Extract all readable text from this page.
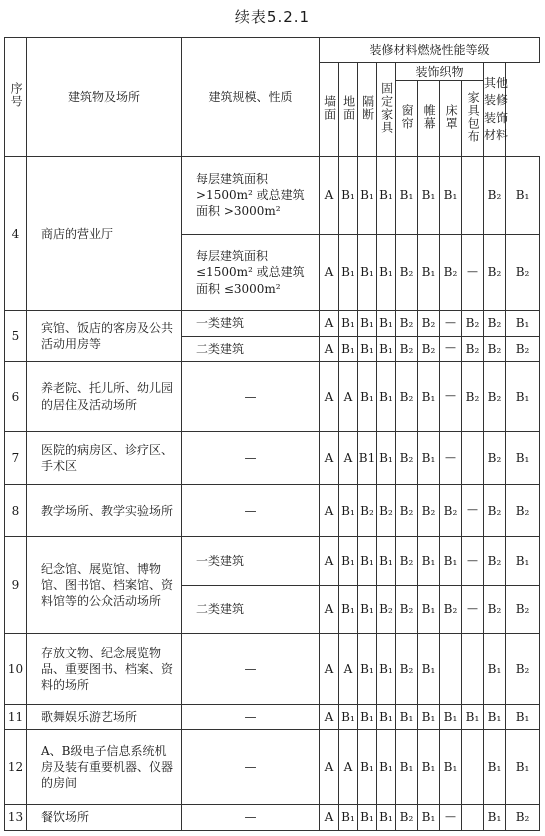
续表5.2.1
序号	建筑物及场所	建筑规模、性质	装修材料燃烧性能等级									
			墙面	地面	隔断	固定家具	装饰织物				其他装修装饰材料	

							窗帘	帷幕	床罩	家具包布		
4	商店的营业厅	每层建筑面积 >1500m² 或总建筑面积 >3000m²	A	B₁	B₁	B₁	B₁	B₁	B₁		B₂	B₁
		每层建筑面积 ≤1500m² 或总建筑面积 ≤3000m²	A	B₁	B₁	B₁	B₂	B₁	B₂	—	B₂	B₂
5	宾馆、饭店的客房及公共活动用房等	一类建筑	A	B₁	B₁	B₁	B₂	B₂	—	B₂	B₂	B₁
		二类建筑	A	B₁	B₁	B₁	B₂	B₂	—	B₂	B₂	B₂
6	养老院、托儿所、幼儿园的居住及活动场所	—	A	A	B₁	B₁	B₂	B₁	—	B₂	B₂	B₁
7	医院的病房区、诊疗区、手术区	—	A	A	B1	B₁	B₂	B₁	—		B₂	B₁
8	教学场所、教学实验场所	—	A	B₁	B₂	B₂	B₂	B₂	B₂	—	B₂	B₂
9	纪念馆、展览馆、博物馆、图书馆、档案馆、资料馆等的公众活动场所	一类建筑	A	B₁	B₁	B₁	B₂	B₁	B₁	—	B₂	B₁
		二类建筑	A	B₁	B₁	B₂	B₂	B₁	B₂	—	B₂	B₂
10	存放文物、纪念展览物品、重要图书、档案、资料的场所	—	A	A	B₁	B₁	B₂	B₁			B₁	B₂
11	歌舞娱乐游艺场所	—	A	B₁	B₁	B₁	B₁	B₁	B₁	B₁	B₁	B₁
12	A、B级电子信息系统机房及装有重要机器、仪器的房间	—	A	A	B₁	B₁	B₁	B₁	B₁		B₁	B₁
13	餐饮场所	—	A	B₁	B₁	B₁	B₂	B₁	—		B₁	B₂
